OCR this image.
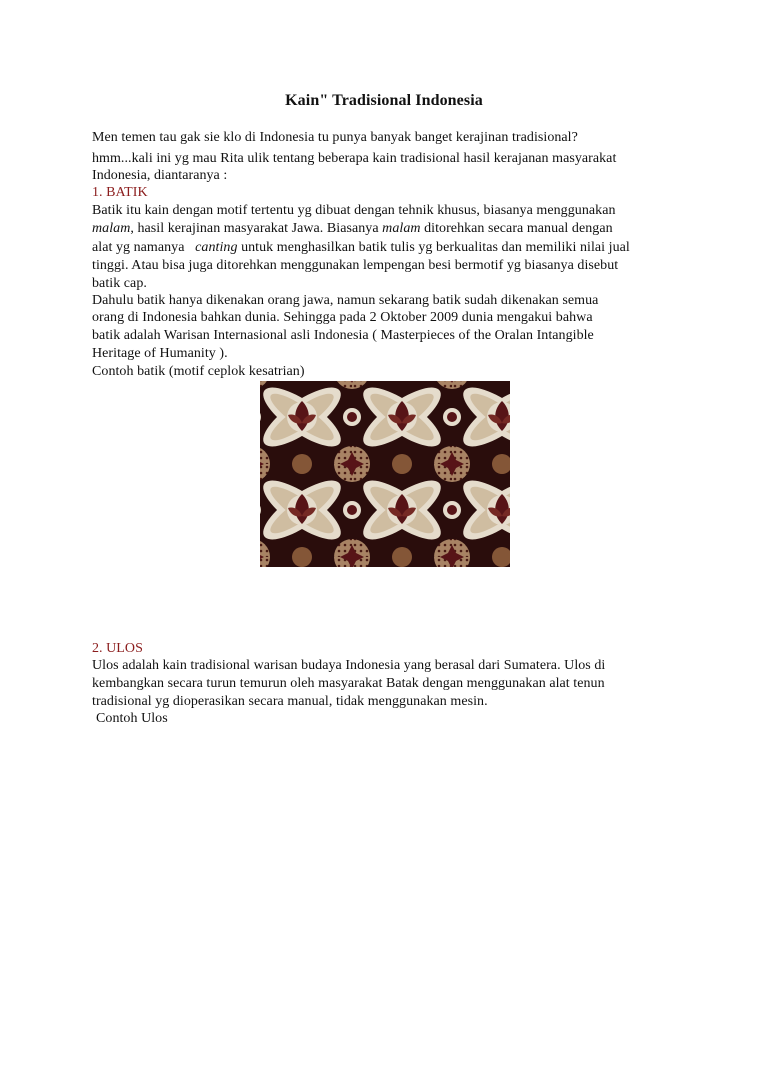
Kain" Tradisional Indonesia
Men temen tau gak sie klo di Indonesia tu punya banyak banget kerajinan tradisional?
hmm...kali ini yg mau Rita ulik tentang beberapa kain tradisional hasil kerajanan masyarakat
Indonesia, diantaranya :
1. BATIK
Batik itu kain dengan motif tertentu yg dibuat dengan tehnik khusus, biasanya menggunakan
malam, hasil kerajinan masyarakat Jawa. Biasanya malam ditorehkan secara manual dengan
alat yg namanya canting untuk menghasilkan batik tulis yg berkualitas dan memiliki nilai jual
tinggi. Atau bisa juga ditorehkan menggunakan lempengan besi bermotif yg biasanya disebut
batik cap.
Dahulu batik hanya dikenakan orang jawa, namun sekarang batik sudah dikenakan semua
orang di Indonesia bahkan dunia. Sehingga pada 2 Oktober 2009 dunia mengakui bahwa
batik adalah Warisan Internasional asli Indonesia ( Masterpieces of the Oralan Intangible
Heritage of Humanity ).
Contoh batik (motif ceplok kesatrian)
2. ULOS
Ulos adalah kain tradisional warisan budaya Indonesia yang berasal dari Sumatera. Ulos di
kembangkan secara turun temurun oleh masyarakat Batak dengan menggunakan alat tenun
tradisional yg dioperasikan secara manual, tidak menggunakan mesin.
Contoh Ulos
